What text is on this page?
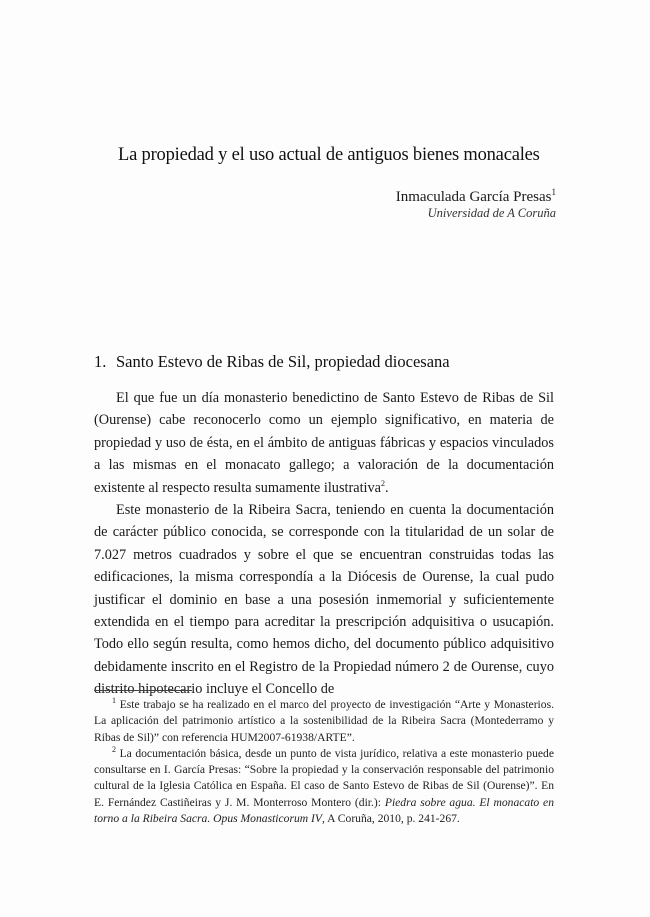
La propiedad y el uso actual de antiguos bienes monacales
Inmaculada García Presas$^1$
Universidad de A Coruña
1. Santo Estevo de Ribas de Sil, propiedad diocesana

El que fue un día monasterio benedictino de Santo Estevo de Ribas de Sil (Ourense) cabe reconocerlo como un ejemplo significativo, en materia de propiedad y uso de ésta, en el ámbito de antiguas fábricas y espacios vinculados a las mismas en el monacato gallego; a valoración de la documentación existente al respecto resulta sumamente ilustrativa$^2$.

Este monasterio de la Ribeira Sacra, teniendo en cuenta la documentación de carácter público conocida, se corresponde con la titularidad de un solar de 7.027 metros cuadrados y sobre el que se encuentran construidas todas las edificaciones, la misma correspondía a la Diócesis de Ourense, la cual pudo justificar el dominio en base a una posesión inmemorial y suficientemente extendida en el tiempo para acreditar la prescripción adquisitiva o usucapión. Todo ello según resulta, como hemos dicho, del documento público adquisitivo debidamente inscrito en el Registro de la Propiedad número 2 de Ourense, cuyo distrito hipotecario incluye el Concello de

$^1$ Este trabajo se ha realizado en el marco del proyecto de investigación “Arte y Monasterios. La aplicación del patrimonio artístico a la sostenibilidad de la Ribeira Sacra (Montederramo y Ribas de Sil)” con referencia HUM2007-61938/ARTE”.

$^2$ La documentación básica, desde un punto de vista jurídico, relativa a este monasterio puede consultarse en I. García Presas: “Sobre la propiedad y la conservación responsable del patrimonio cultural de la Iglesia Católica en España. El caso de Santo Estevo de Ribas de Sil (Ourense)”. En E. Fernández Castiñeiras y J. M. Monterroso Montero (dir.): Piedra sobre agua. El monacato en torno a la Ribeira Sacra. Opus Monasticorum IV, A Coruña, 2010, p. 241-267.
